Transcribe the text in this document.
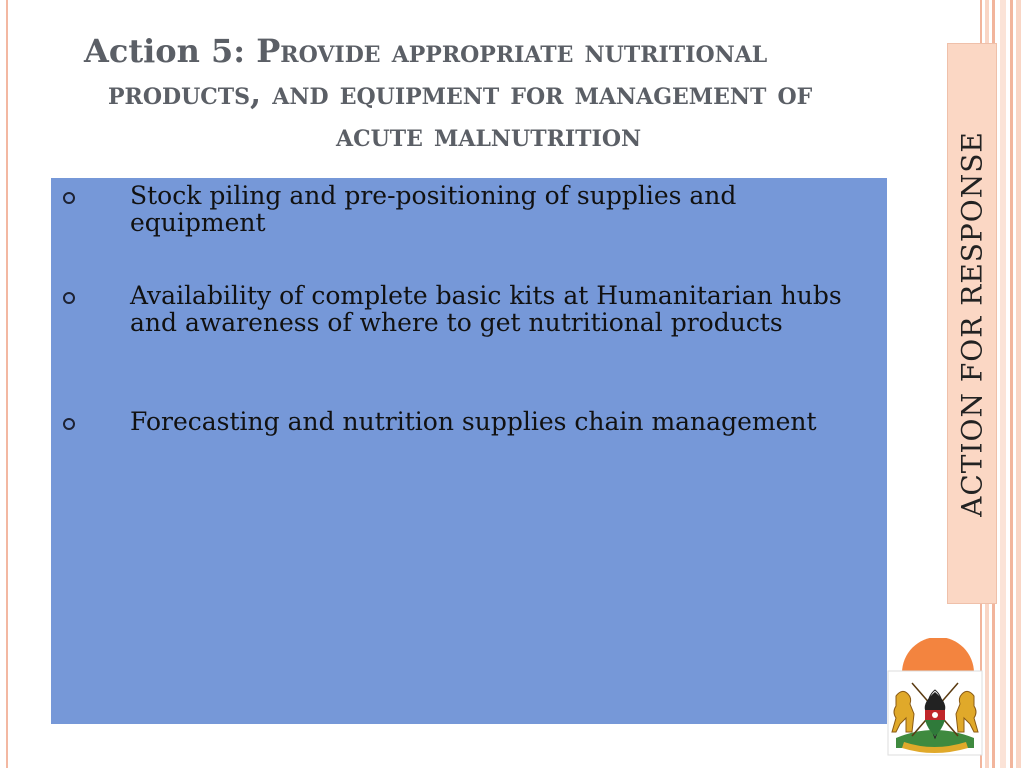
Action 5: Provide appropriate nutritional
products, and equipment for management of
acute malnutrition	ACTION FOR RESPONSE
Stock piling and pre-positioning of supplies and equipment
Availability of complete basic kits at Humanitarian hubs and awareness of where to get nutritional products
Forecasting and nutrition supplies chain management
